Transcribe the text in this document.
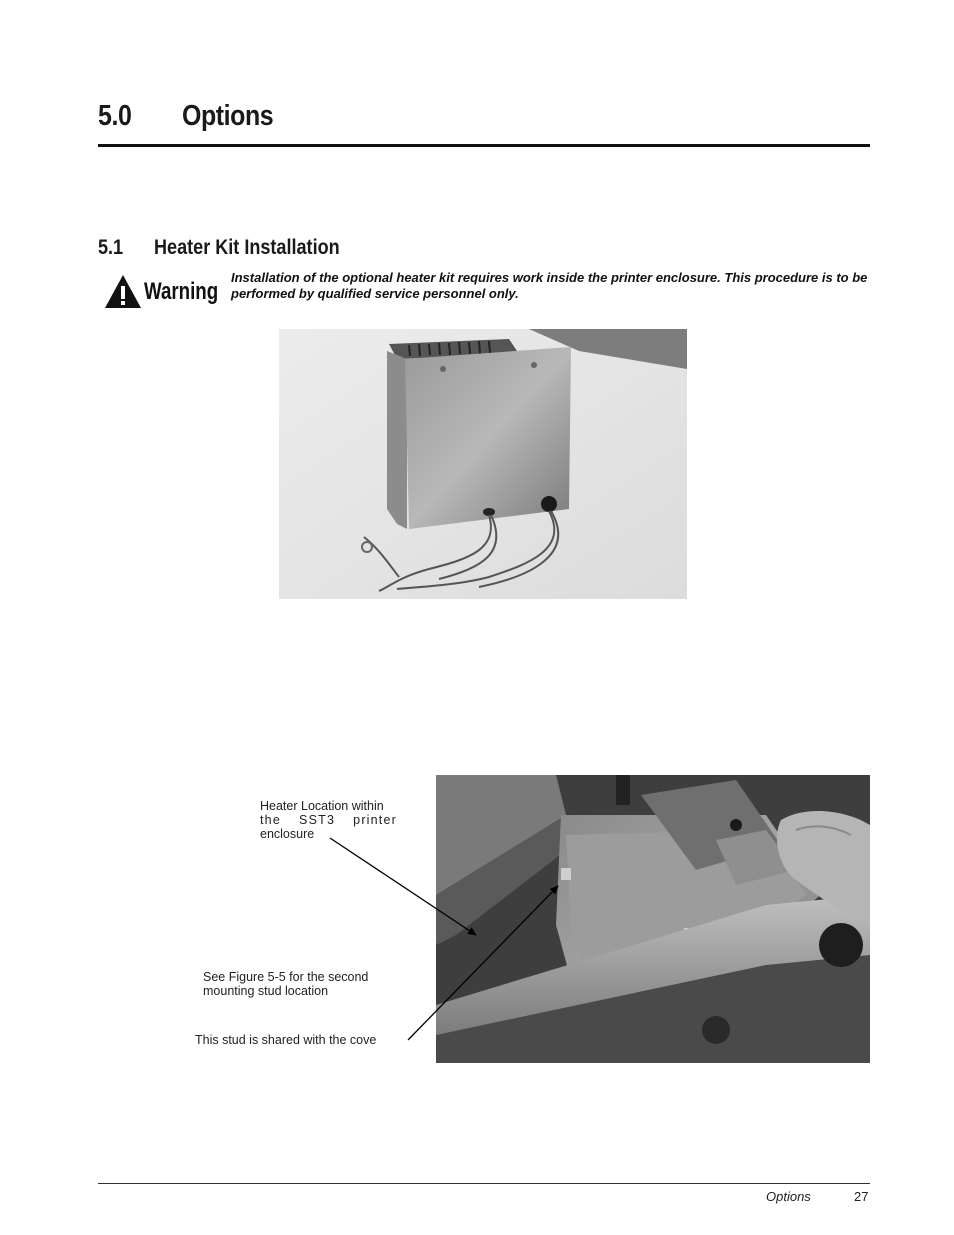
5.0 Options
5.1 Heater Kit Installation
Warning
Installation of the optional heater kit requires work inside the printer enclosure. This procedure is to be performed by qualified service personnel only.
Heater Location within
the SST3 printer
enclosure
See Figure 5-5 for the second mounting stud location
This stud is shared with the cove
Options	27
